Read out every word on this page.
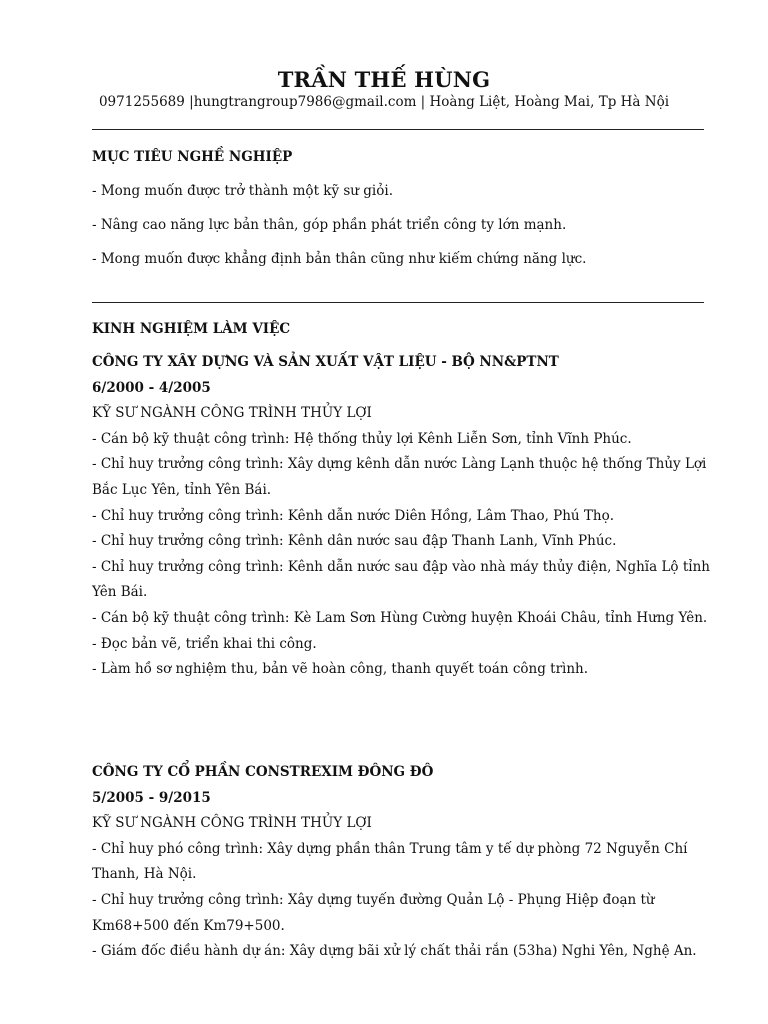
TRẦN THẾ HÙNG
0971255689 |hungtrangroup7986@gmail.com | Hoàng Liệt, Hoàng Mai, Tp Hà Nội
MỤC TIÊU NGHỀ NGHIỆP
- Mong muốn được trở thành một kỹ sư giỏi.
- Nâng cao năng lực bản thân, góp phần phát triển công ty lớn mạnh.
- Mong muốn được khẳng định bản thân cũng như kiếm chứng năng lực.
KINH NGHIỆM LÀM VIỆC
CÔNG TY XÂY DỰNG VÀ SẢN XUẤT VẬT LIỆU - BỘ NN&PTNT
6/2000 - 4/2005
KỸ SƯ NGÀNH CÔNG TRÌNH THỦY LỢI
- Cán bộ kỹ thuật công trình: Hệ thống thủy lợi Kênh Liễn Sơn, tỉnh Vĩnh Phúc.
- Chỉ huy trưởng công trình: Xây dựng kênh dẫn nước Làng Lạnh thuộc hệ thống Thủy Lợi
Bắc Lục Yên, tỉnh Yên Bái.
- Chỉ huy trưởng công trình: Kênh dẫn nước Diên Hồng, Lâm Thao, Phú Thọ.
- Chỉ huy trưởng công trình: Kênh dân nước sau đập Thanh Lanh, Vĩnh Phúc.
- Chỉ huy trưởng công trình: Kênh dẫn nước sau đập vào nhà máy thủy điện, Nghĩa Lộ tỉnh
Yên Bái.
- Cán bộ kỹ thuật công trình: Kè Lam Sơn Hùng Cường huyện Khoái Châu, tỉnh Hưng Yên.
- Đọc bản vẽ, triển khai thi công.
- Làm hồ sơ nghiệm thu, bản vẽ hoàn công, thanh quyết toán công trình.
CÔNG TY CỔ PHẦN CONSTREXIM ĐÔNG ĐÔ
5/2005 - 9/2015
KỸ SƯ NGÀNH CÔNG TRÌNH THỦY LỢI
- Chỉ huy phó công trình: Xây dựng phần thân Trung tâm y tế dự phòng 72 Nguyễn Chí
Thanh, Hà Nội.
- Chỉ huy trưởng công trình: Xây dựng tuyến đường Quản Lộ - Phụng Hiệp đoạn từ
Km68+500 đến Km79+500.
- Giám đốc điều hành dự án: Xây dựng bãi xử lý chất thải rắn (53ha) Nghi Yên, Nghệ An.
